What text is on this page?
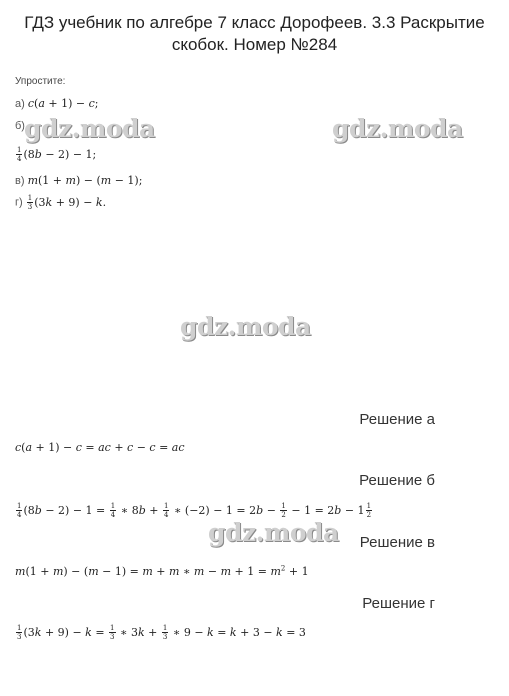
ГДЗ учебник по алгебре 7 класс Дорофеев. 3.3 Раскрытие
скобок. Номер №284
Упростите:
а) c(a + 1) − c;
б)
$\frac{1}{4} (8b - 2) - 1$;
в) m(1 + m) − (m − 1);
$г) \frac{1}{3} (3k + 9) - k$.
gdz.moda	gdz.moda
gdz.moda
gdz.moda
Решение а
c(a + 1) − c = ac + c − c = ac
Решение б
$\frac{1}{4} (8b - 2) - 1 = \frac{1}{4}$ ∗ $8b + \frac{1}{4}$ ∗ $(-2) - 1 = 2b - \frac{1}{2} - 1 = 2b - 1 \frac{1}{2}$
Решение в
m(1 + m) − (m − 1) = m + m ∗ $m - m + 1 = m^2 + 1$
Решение г
$\frac{1}{3} (3k + 9) - k = \frac{1}{3}$ ∗ $3k + \frac{1}{3}$ ∗ 9 − k = k + 3 − k = 3
